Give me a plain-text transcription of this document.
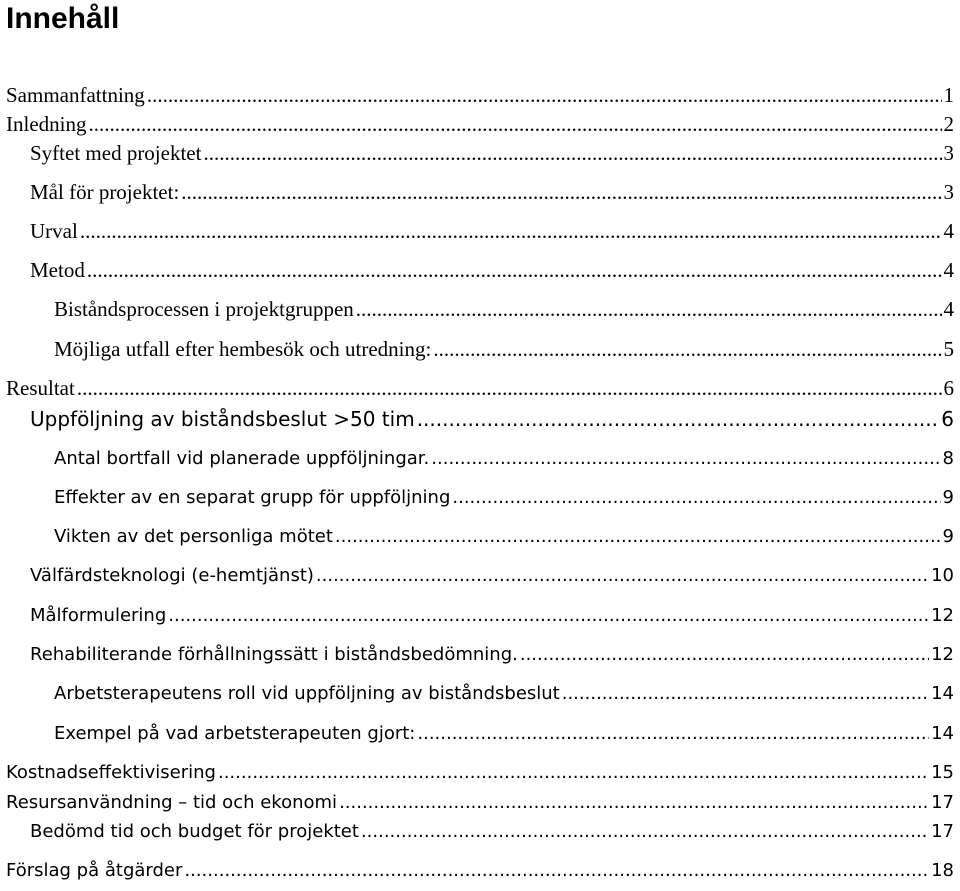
Innehåll
Sammanfattning .....	1
Inledning .....	2
Syftet med projektet .....	3
Mål för projektet: .....	3
Urval .....	4
Metod .....	4
Biståndsprocessen i projektgruppen .....	4
Möjliga utfall efter hembesök och utredning: .....	5
Resultat .....	6
Uppföljning av biståndsbeslut >50 tim .....	6
Antal bortfall vid planerade uppföljningar. .....	8
Effekter av en separat grupp för uppföljning .....	9
Vikten av det personliga mötet .....	9
Välfärdsteknologi (e-hemtjänst) .....	10
Målformulering .....	12
Rehabiliterande förhållningssätt i biståndsbedömning. .....	12
Arbetsterapeutens roll vid uppföljning av biståndsbeslut .....	14
Exempel på vad arbetsterapeuten gjort: .....	14
Kostnadseffektivisering .....	15
Resursanvändning – tid och ekonomi .....	17
Bedömd tid och budget för projektet .....	17
Förslag på åtgärder .....	18
